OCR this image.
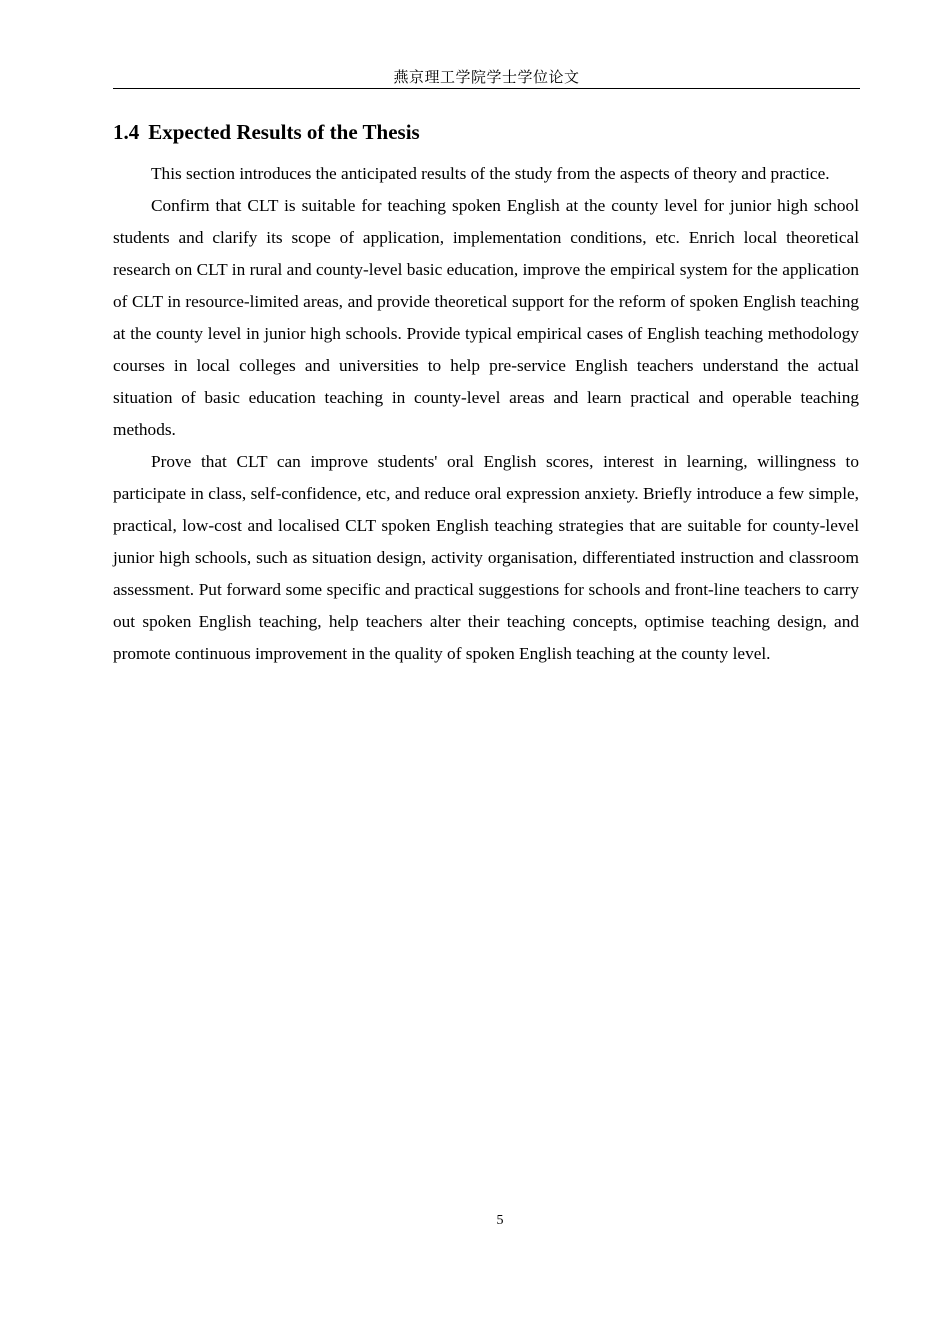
燕京理工学院学士学位论文
1.4 Expected Results of the Thesis

This section introduces the anticipated results of the study from the aspects of theory and practice.

Confirm that CLT is suitable for teaching spoken English at the county level for junior high school students and clarify its scope of application, implementation conditions, etc. Enrich local theoretical research on CLT in rural and county-level basic education, improve the empirical system for the application of CLT in resource-limited areas, and provide theoretical support for the reform of spoken English teaching at the county level in junior high schools. Provide typical empirical cases of English teaching methodology courses in local colleges and universities to help pre-service English teachers understand the actual situation of basic education teaching in county-level areas and learn practical and operable teaching methods.

Prove that CLT can improve students' oral English scores, interest in learning, willingness to participate in class, self-confidence, etc, and reduce oral expression anxiety. Briefly introduce a few simple, practical, low-cost and localised CLT spoken English teaching strategies that are suitable for county-level junior high schools, such as situation design, activity organisation, differentiated instruction and classroom assessment. Put forward some specific and practical suggestions for schools and front-line teachers to carry out spoken English teaching, help teachers alter their teaching concepts, optimise teaching design, and promote continuous improvement in the quality of spoken English teaching at the county level.

5
